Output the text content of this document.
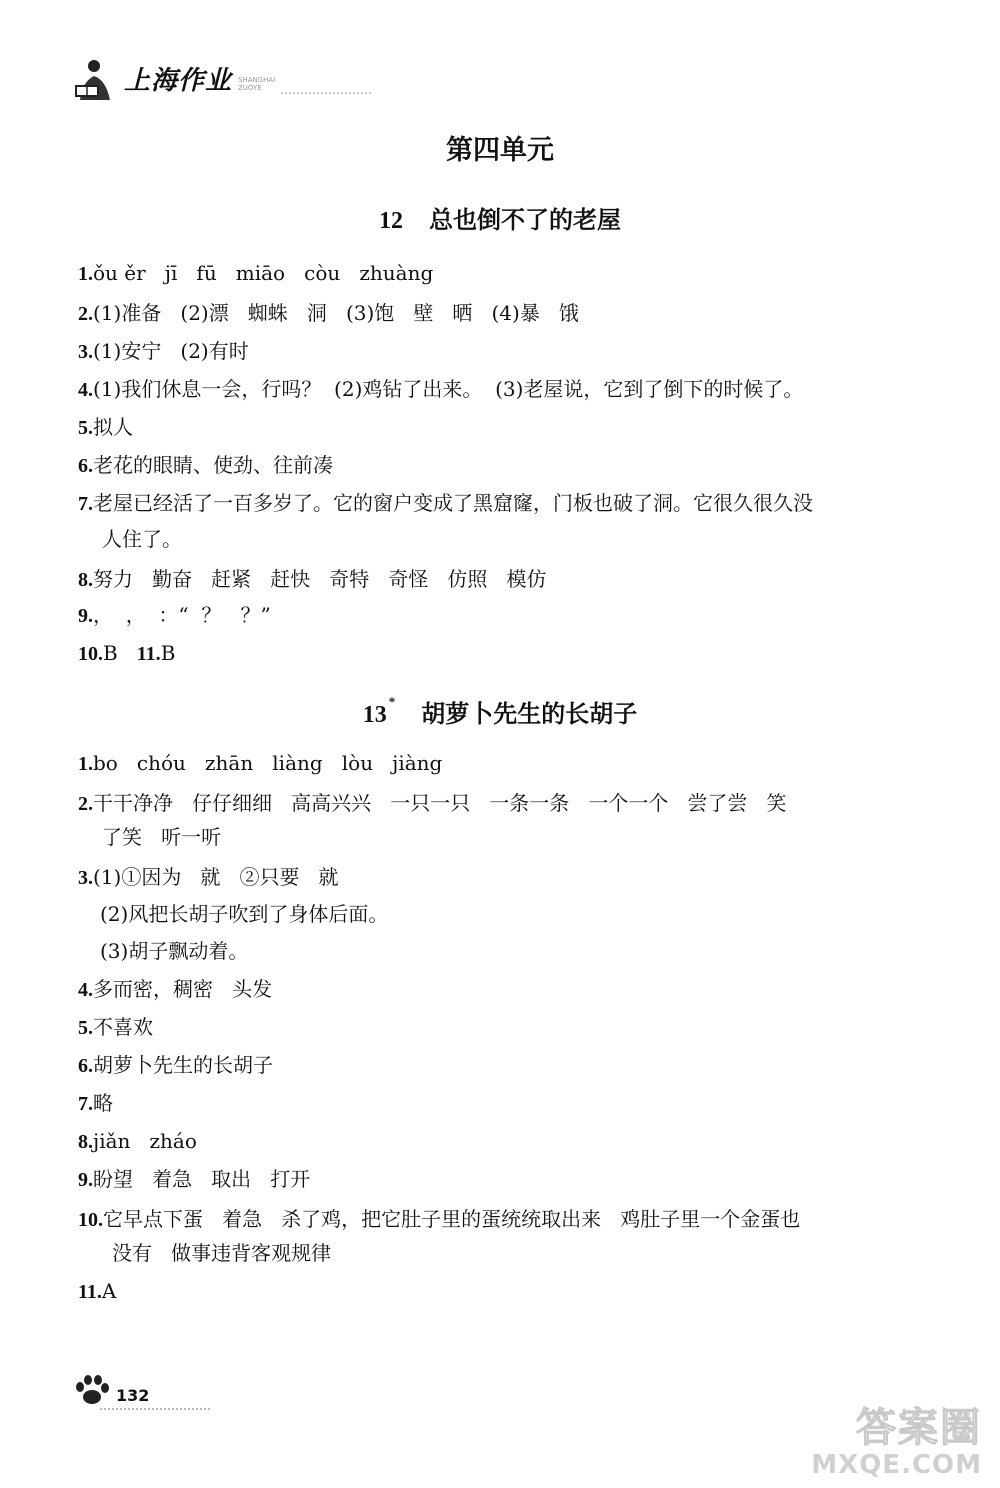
上海作业 SHANGHAI
ZUOYE
第四单元
12 总也倒不了的老屋
1.ǒu ěr   jī   fū   miāo   còu   zhuàng
2.(1)准备   (2)漂   蜘蛛   洞   (3)饱   壁   晒   (4)暴   饿
3.(1)安宁   (2)有时
4.(1)我们休息一会，行吗？  (2)鸡钻了出来。  (3)老屋说，它到了倒下的时候了。
5.拟人
6.老花的眼睛、使劲、往前凑
7.老屋已经活了一百多岁了。它的窗户变成了黑窟窿，门板也破了洞。它很久很久没
人住了。
8.努力   勤奋   赶紧   赶快   奇特   奇怪   仿照   模仿
9.，  ，  ：“  ？   ？”
10.B   11.B
13* 胡萝卜先生的长胡子
1.bo   chóu   zhān   liàng   lòu   jiàng
2.干干净净   仔仔细细   高高兴兴   一只一只   一条一条   一个一个   尝了尝   笑
了笑   听一听
3.(1)①因为   就   ②只要   就
(2)风把长胡子吹到了身体后面。
(3)胡子飘动着。
4.多而密，稠密   头发
5.不喜欢
6.胡萝卜先生的长胡子
7.略
8.jiǎn   zháo
9.盼望   着急   取出   打开
10.它早点下蛋   着急   杀了鸡，把它肚子里的蛋统统取出来   鸡肚子里一个金蛋也
没有   做事违背客观规律
11.A
132
答案圈
MXQE.COM
